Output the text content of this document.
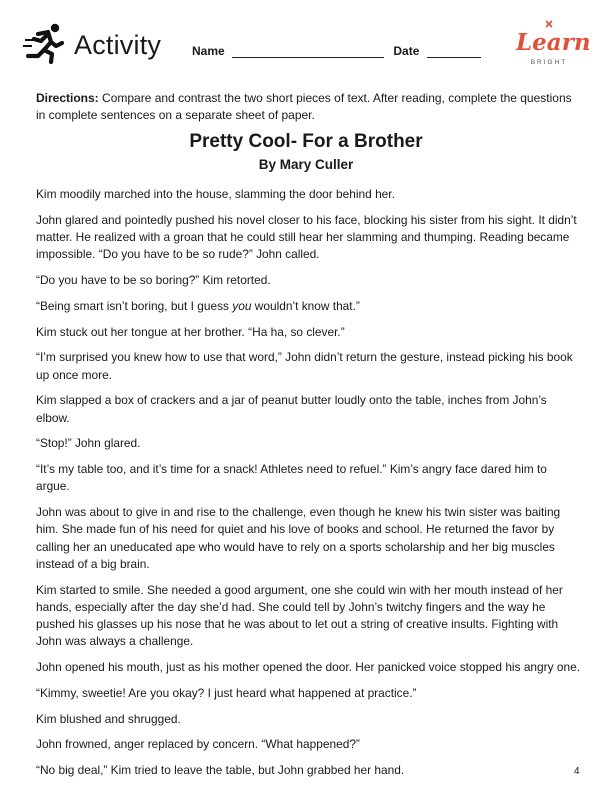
Activity	Name	Date	Learn
BRIGHT
Directions: Compare and contrast the two short pieces of text. After reading, complete the questions in complete sentences on a separate sheet of paper.
Pretty Cool- For a Brother
By Mary Culler

Kim moodily marched into the house, slamming the door behind her.

John glared and pointedly pushed his novel closer to his face, blocking his sister from his sight. It didn’t matter. He realized with a groan that he could still hear her slamming and thumping. Reading became impossible. “Do you have to be so rude?” John called.

“Do you have to be so boring?” Kim retorted.

“Being smart isn’t boring, but I guess you wouldn’t know that.”

Kim stuck out her tongue at her brother. “Ha ha, so clever.”

“I’m surprised you knew how to use that word,” John didn’t return the gesture, instead picking his book up once more.

Kim slapped a box of crackers and a jar of peanut butter loudly onto the table, inches from John’s elbow.

“Stop!” John glared.

“It’s my table too, and it’s time for a snack! Athletes need to refuel.” Kim’s angry face dared him to argue.

John was about to give in and rise to the challenge, even though he knew his twin sister was baiting him. She made fun of his need for quiet and his love of books and school. He returned the favor by calling her an uneducated ape who would have to rely on a sports scholarship and her big muscles instead of a big brain.

Kim started to smile. She needed a good argument, one she could win with her mouth instead of her hands, especially after the day she’d had. She could tell by John’s twitchy fingers and the way he pushed his glasses up his nose that he was about to let out a string of creative insults. Fighting with John was always a challenge.

John opened his mouth, just as his mother opened the door. Her panicked voice stopped his angry one.

“Kimmy, sweetie! Are you okay? I just heard what happened at practice.”

Kim blushed and shrugged.

John frowned, anger replaced by concern. “What happened?”

“No big deal,” Kim tried to leave the table, but John grabbed her hand.	4
